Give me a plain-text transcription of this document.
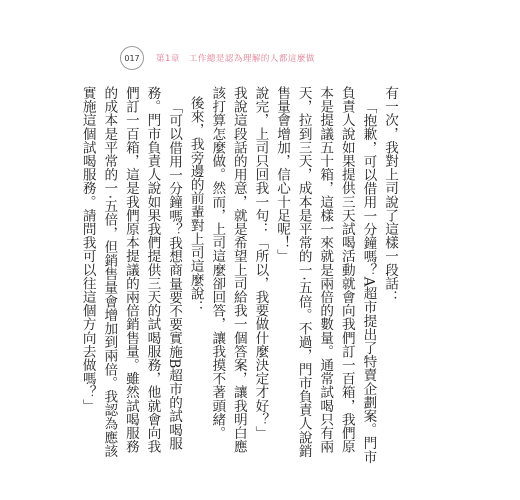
017	第1章　工作總是認為理解的人都這麼做

有一次，我對上司說了這樣一段話：

「抱歉，可以借用一分鐘嗎？A超市提出了特賣企劃案。門市負責人說如果提供三天試喝活動就會向我們訂一百箱，我們原本是提議五十箱，這樣一來就是兩倍的數量。通常試喝只有兩天，拉到三天，成本是平常的一‧五倍。不過，門市負責人說銷售量會增加，信心十足呢！」

說完，上司只回我一句：「所以，我要做什麼決定才好？」

我說這段話的用意，就是希望上司給我一個答案，讓我明白應該打算怎麼做。然而，上司這麼卻回答，讓我摸不著頭緒。

後來，我旁邊的前輩對上司這麼說：

「可以借用一分鐘嗎？我想商量要不要實施B超市的試喝服務。門市負責人說如果我們提供三天的試喝服務，他就會向我們訂一百箱，這是我們原本提議的兩倍銷售量。雖然試喝服務的成本是平常的一‧五倍，但銷售量會增加到兩倍。我認為應該實施這個試喝服務。請問我可以往這個方向去做嗎？」
